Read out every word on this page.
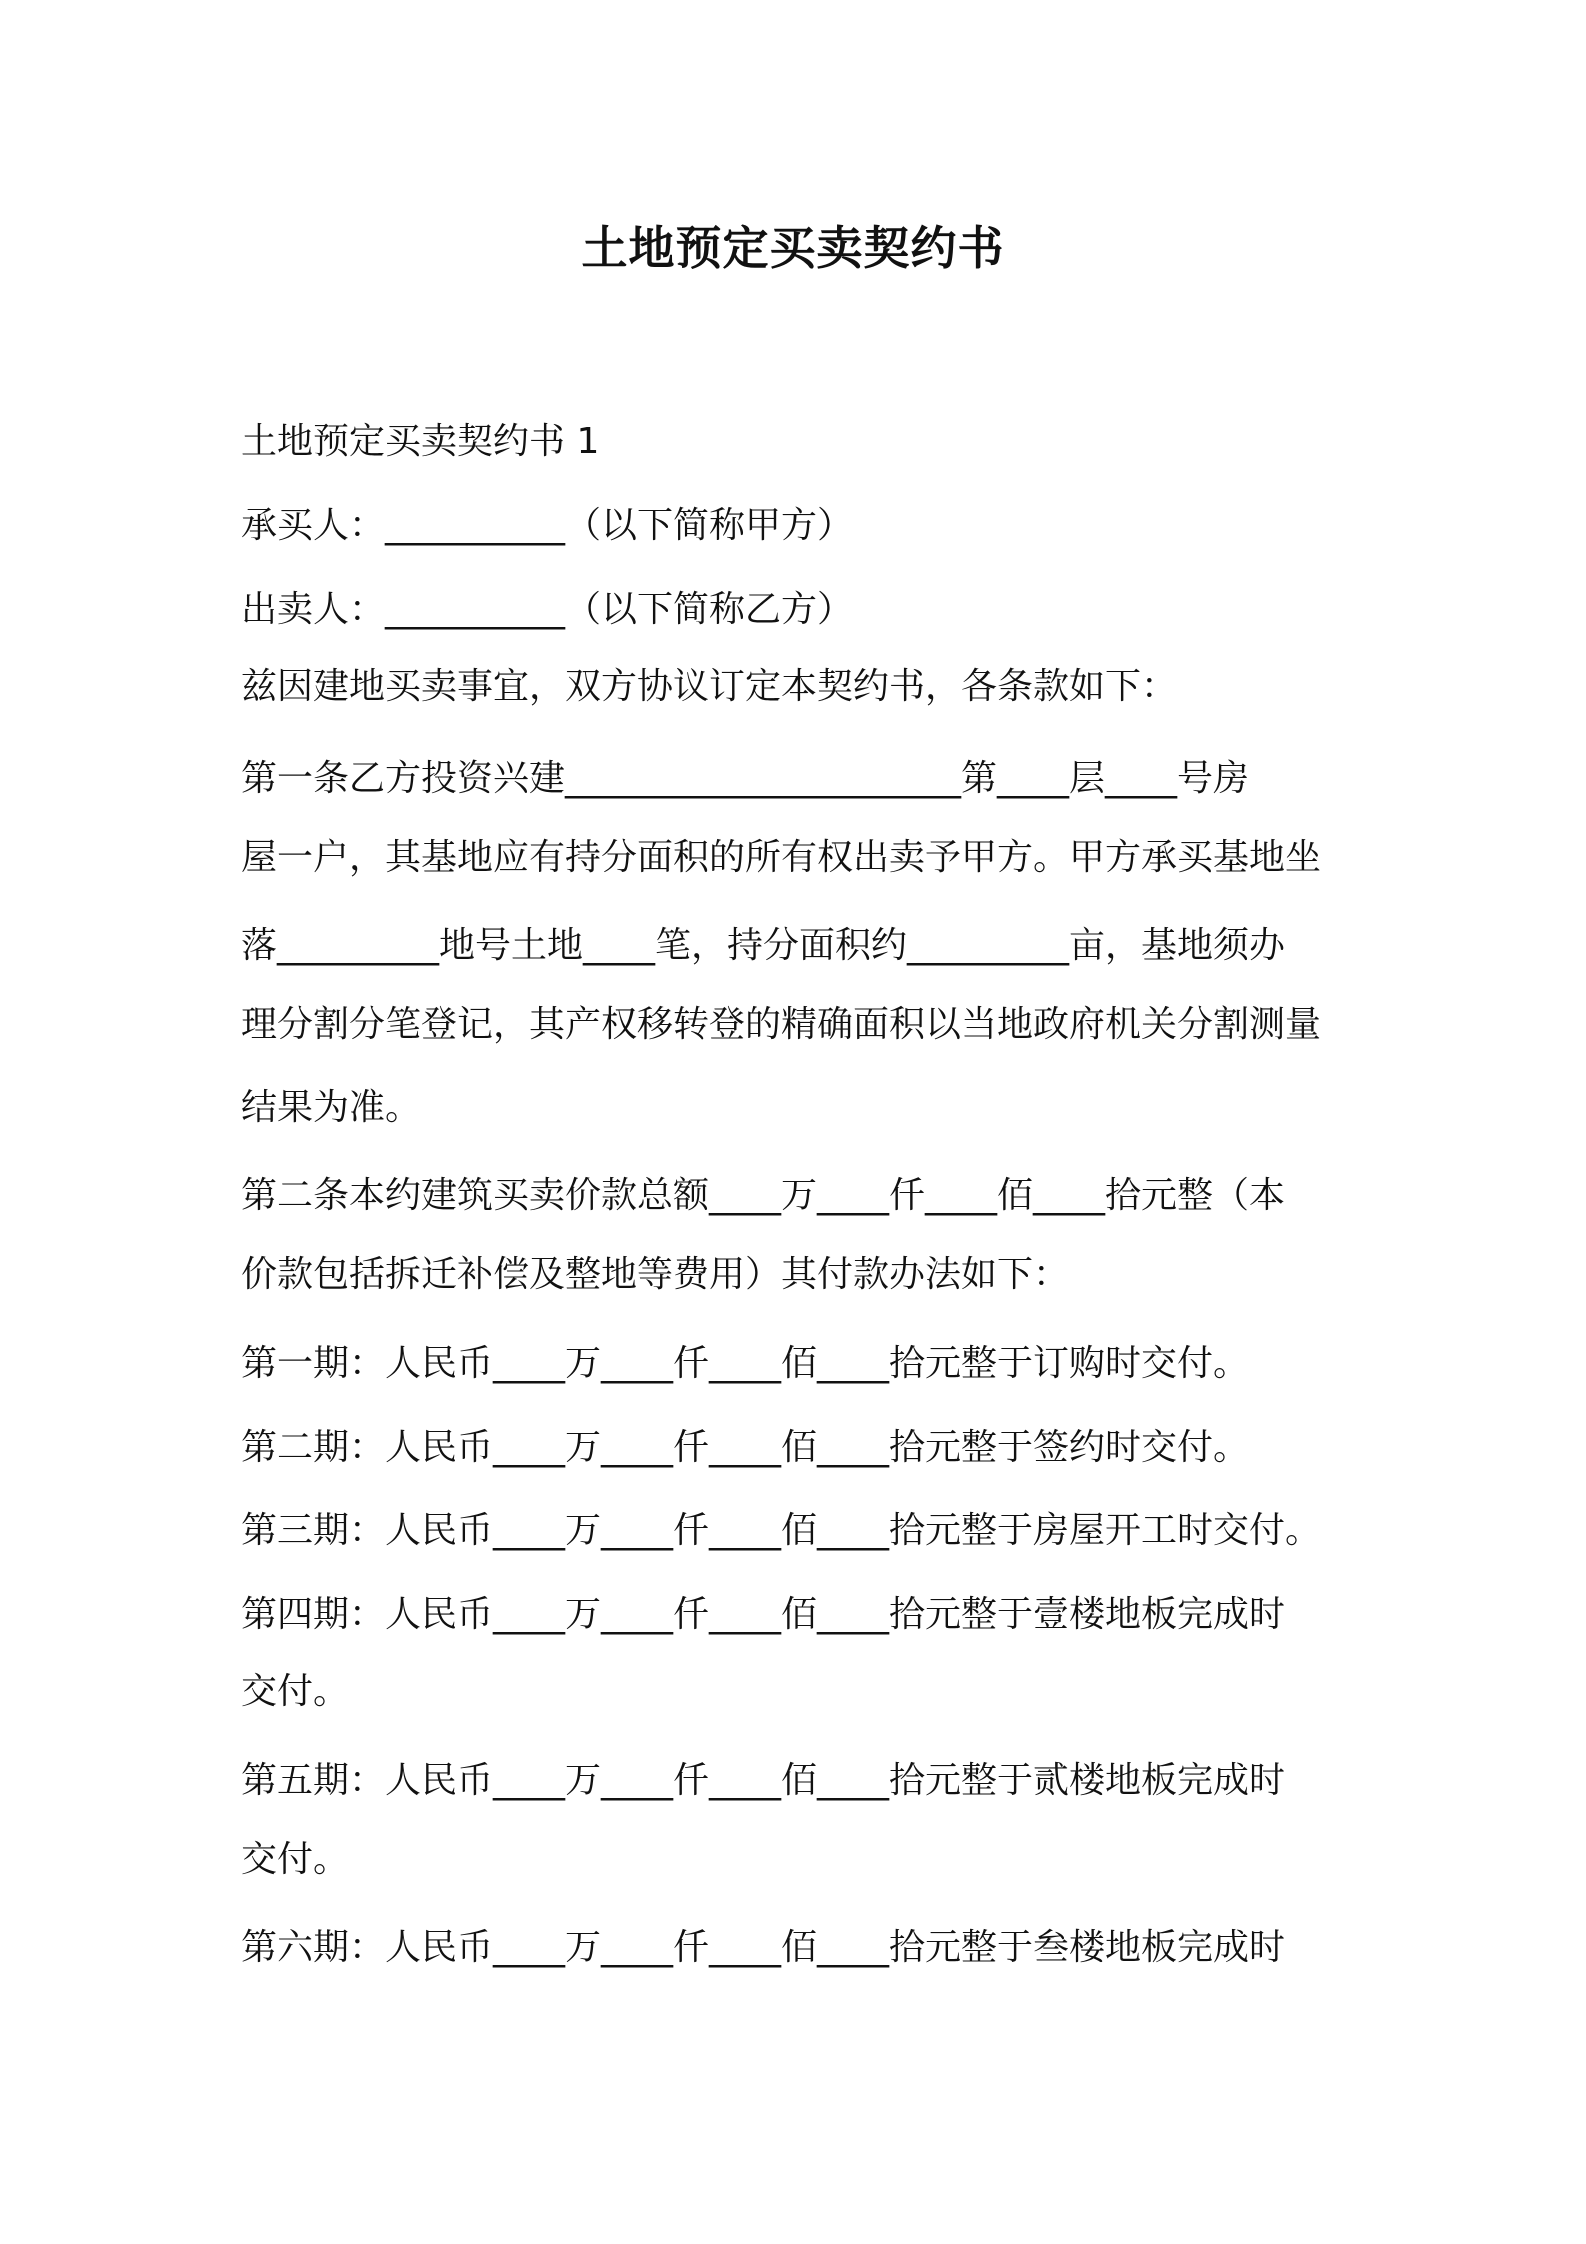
土地预定买卖契约书
土地预定买卖契约书 1
承买人：__________（以下简称甲方）
出卖人：__________（以下简称乙方）
兹因建地买卖事宜，双方协议订定本契约书，各条款如下：
第一条乙方投资兴建______________________第____层____号房
屋一户，其基地应有持分面积的所有权出卖予甲方。甲方承买基地坐
落_________地号土地____笔，持分面积约_________亩，基地须办
理分割分笔登记，其产权移转登的精确面积以当地政府机关分割测量
结果为准。
第二条本约建筑买卖价款总额____万____仟____佰____拾元整（本
价款包括拆迁补偿及整地等费用）其付款办法如下：
第一期：人民币____万____仟____佰____拾元整于订购时交付。
第二期：人民币____万____仟____佰____拾元整于签约时交付。
第三期：人民币____万____仟____佰____拾元整于房屋开工时交付。
第四期：人民币____万____仟____佰____拾元整于壹楼地板完成时
交付。
第五期：人民币____万____仟____佰____拾元整于贰楼地板完成时
交付。
第六期：人民币____万____仟____佰____拾元整于叁楼地板完成时
